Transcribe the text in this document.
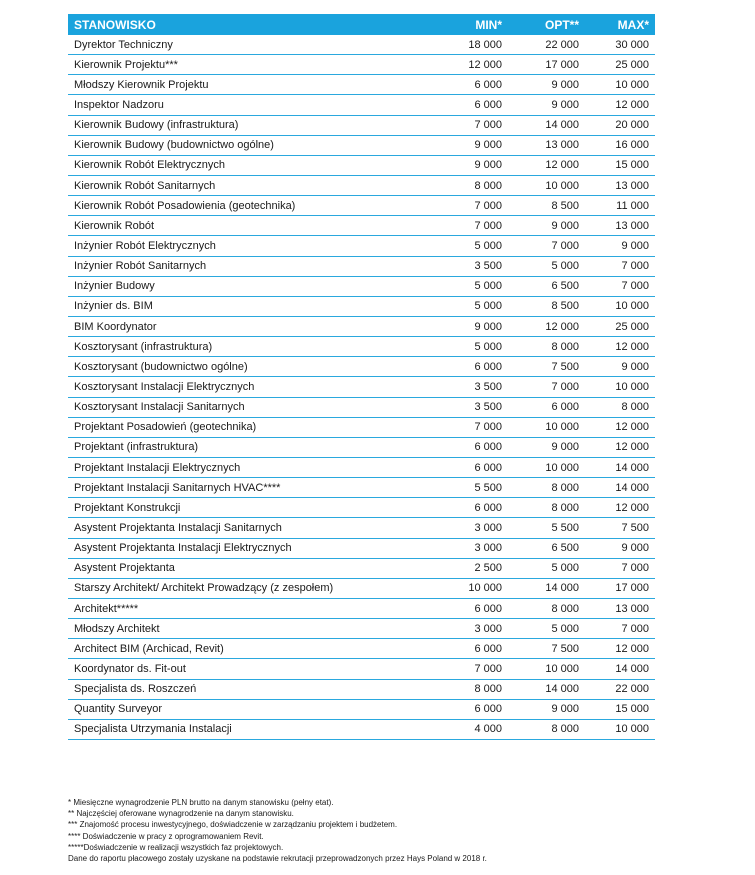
STANOWISKO	MIN*	OPT**	MAX*
Dyrektor Techniczny	18 000	22 000	30 000
Kierownik Projektu***	12 000	17 000	25 000
Młodszy Kierownik Projektu	6 000	9 000	10 000
Inspektor Nadzoru	6 000	9 000	12 000
Kierownik Budowy (infrastruktura)	7 000	14 000	20 000
Kierownik Budowy (budownictwo ogólne)	9 000	13 000	16 000
Kierownik Robót Elektrycznych	9 000	12 000	15 000
Kierownik Robót Sanitarnych	8 000	10 000	13 000
Kierownik Robót Posadowienia (geotechnika)	7 000	8 500	11 000
Kierownik Robót	7 000	9 000	13 000
Inżynier Robót Elektrycznych	5 000	7 000	9 000
Inżynier Robót Sanitarnych	3 500	5 000	7 000
Inżynier Budowy	5 000	6 500	7 000
Inżynier ds. BIM	5 000	8 500	10 000
BIM Koordynator	9 000	12 000	25 000
Kosztorysant (infrastruktura)	5 000	8 000	12 000
Kosztorysant (budownictwo ogólne)	6 000	7 500	9 000
Kosztorysant Instalacji Elektrycznych	3 500	7 000	10 000
Kosztorysant Instalacji Sanitarnych	3 500	6 000	8 000
Projektant Posadowień (geotechnika)	7 000	10 000	12 000
Projektant (infrastruktura)	6 000	9 000	12 000
Projektant Instalacji Elektrycznych	6 000	10 000	14 000
Projektant Instalacji Sanitarnych HVAC****	5 500	8 000	14 000
Projektant Konstrukcji	6 000	8 000	12 000
Asystent Projektanta Instalacji Sanitarnych	3 000	5 500	7 500
Asystent Projektanta Instalacji Elektrycznych	3 000	6 500	9 000
Asystent Projektanta	2 500	5 000	7 000
Starszy Architekt/ Architekt Prowadzący (z zespołem)	10 000	14 000	17 000
Architekt*****	6 000	8 000	13 000
Młodszy Architekt	3 000	5 000	7 000
Architect BIM (Archicad, Revit)	6 000	7 500	12 000
Koordynator ds. Fit-out	7 000	10 000	14 000
Specjalista ds. Roszczeń	8 000	14 000	22 000
Quantity Surveyor	6 000	9 000	15 000
Specjalista Utrzymania Instalacji	4 000	8 000	10 000
* Miesięczne wynagrodzenie PLN brutto na danym stanowisku (pełny etat).
** Najczęściej oferowane wynagrodzenie na danym stanowisku.
*** Znajomość procesu inwestycyjnego, doświadczenie w zarządzaniu projektem i budżetem.
**** Doświadczenie w pracy z oprogramowaniem Revit.
*****Doświadczenie w realizacji wszystkich faz projektowych.
Dane do raportu płacowego zostały uzyskane na podstawie rekrutacji przeprowadzonych przez Hays Poland w 2018 r.
